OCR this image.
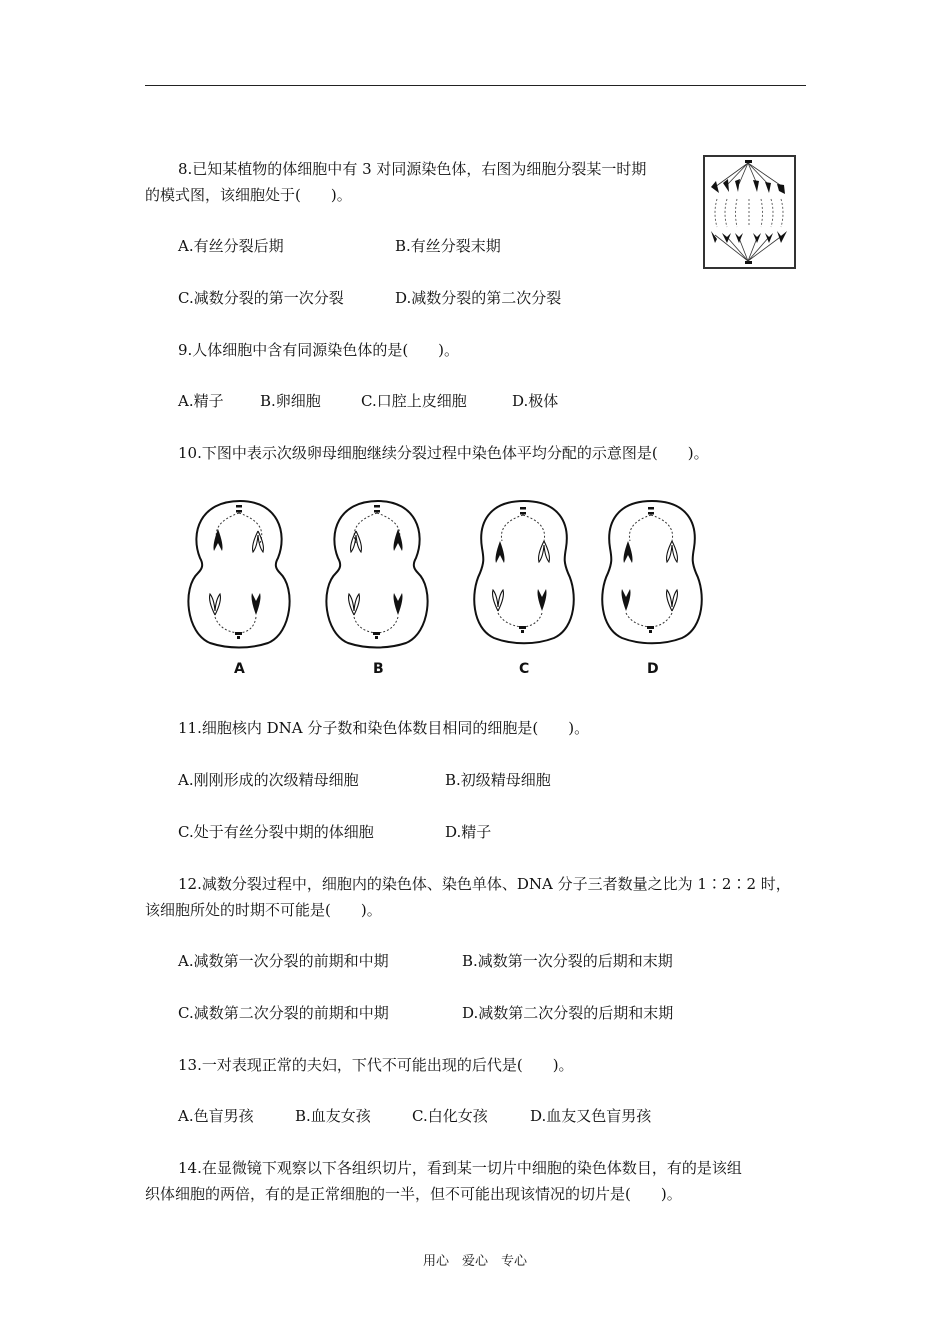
8.已知某植物的体细胞中有 3 对同源染色体，右图为细胞分裂某一时期
的模式图，该细胞处于(　　)。
A.有丝分裂后期	B.有丝分裂末期
C.减数分裂的第一次分裂	D.减数分裂的第二次分裂
9.人体细胞中含有同源染色体的是(　　)。
A.精子 B.卵细胞	C.口腔上皮细胞	D.极体
10.下图中表示次级卵母细胞继续分裂过程中染色体平均分配的示意图是(　　)。
A	B	C	D
11.细胞核内 DNA 分子数和染色体数目相同的细胞是(　　)。
A.刚刚形成的次级精母细胞	B.初级精母细胞
C.处于有丝分裂中期的体细胞	D.精子
12.减数分裂过程中，细胞内的染色体、染色单体、DNA 分子三者数量之比为 1∶2∶2 时，
该细胞所处的时期不可能是(　　)。
A.减数第一次分裂的前期和中期	B.减数第一次分裂的后期和末期
C.减数第二次分裂的前期和中期	D.减数第二次分裂的后期和末期
13.一对表现正常的夫妇，下代不可能出现的后代是(　　)。
A.色盲男孩	B.血友女孩	C.白化女孩	D.血友又色盲男孩
14.在显微镜下观察以下各组织切片，看到某一切片中细胞的染色体数目，有的是该组
织体细胞的两倍，有的是正常细胞的一半，但不可能出现该情况的切片是(　　)。
用心　爱心　专心
